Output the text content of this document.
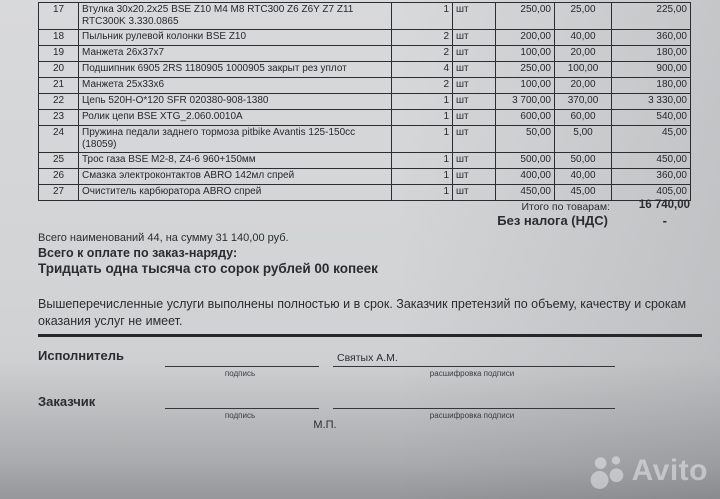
17	Втулка 30х20.2х25 BSE Z10 M4 M8 RTC300 Z6 Z6Y Z7 Z11 RTC300K 3.330.0865	1	шт	250,00	25,00	225,00
18	Пыльник рулевой колонки BSE Z10	2	шт	200,00	40,00	360,00
19	Манжета 26х37х7	2	шт	100,00	20,00	180,00
20	Подшипник 6905 2RS 1180905 1000905 закрыт рез уплот	4	шт	250,00	100,00	900,00
21	Манжета 25х33х6	2	шт	100,00	20,00	180,00
22	Цепь 520H-O*120 SFR 020380-908-1380	1	шт	3 700,00	370,00	3 330,00
23	Ролик цепи BSE XTG_2.060.0010A	1	шт	600,00	60,00	540,00
24	Пружина педали заднего тормоза pitbike Avantis 125-150cc (18059)	1	шт	50,00	5,00	45,00
25	Трос газа BSE М2-8, Z4-6 960+150мм	1	шт	500,00	50,00	450,00
26	Смазка электроконтактов ABRO 142мл спрей	1	шт	400,00	40,00	360,00
27	Очиститель карбюратора ABRO спрей	1	шт	450,00	45,00	405,00
Итого по товарам:	16 740,00
Без налога (НДС)	-
Всего наименований 44, на сумму 31 140,00 руб.
Всего к оплате по заказ-наряду:
Тридцать одна тысяча сто сорок рублей 00 копеек
Вышеперечисленные услуги выполнены полностью и в срок. Заказчик претензий по объему, качеству и срокам оказания услуг не имеет.
Исполнитель	Святых А.М.
подпись	расшифровка подписи
Заказчик
подпись	расшифровка подписи
М.П.
Avito
